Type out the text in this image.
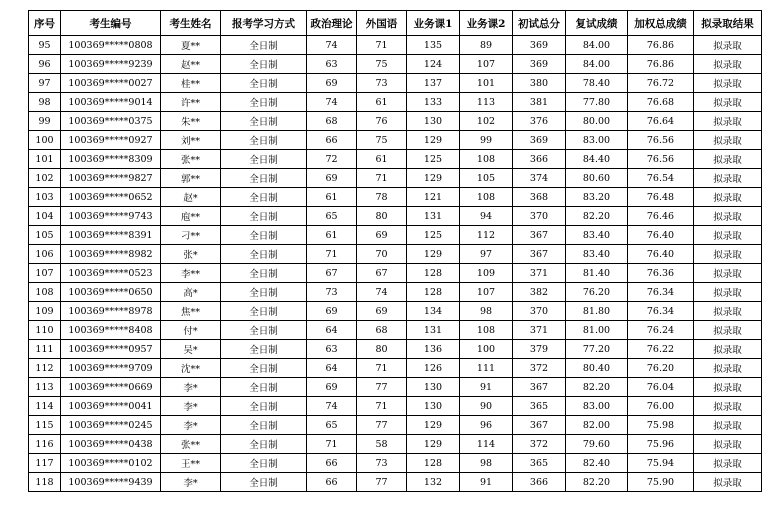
序号	考生编号	考生姓名	报考学习方式	政治理论	外国语	业务课1	业务课2	初试总分	复试成绩	加权总成绩	拟录取结果
95	100369*****0808	夏**	全日制	74	71	135	89	369	84.00	76.86	拟录取
96	100369*****9239	赵**	全日制	63	75	124	107	369	84.00	76.86	拟录取
97	100369*****0027	桂**	全日制	69	73	137	101	380	78.40	76.72	拟录取
98	100369*****9014	许**	全日制	74	61	133	113	381	77.80	76.68	拟录取
99	100369*****0375	朱**	全日制	68	76	130	102	376	80.00	76.64	拟录取
100	100369*****0927	刘**	全日制	66	75	129	99	369	83.00	76.56	拟录取
101	100369*****8309	张**	全日制	72	61	125	108	366	84.40	76.56	拟录取
102	100369*****9827	郭**	全日制	69	71	129	105	374	80.60	76.54	拟录取
103	100369*****0652	赵*	全日制	61	78	121	108	368	83.20	76.48	拟录取
104	100369*****9743	庖**	全日制	65	80	131	94	370	82.20	76.46	拟录取
105	100369*****8391	刁**	全日制	61	69	125	112	367	83.40	76.40	拟录取
106	100369*****8982	张*	全日制	71	70	129	97	367	83.40	76.40	拟录取
107	100369*****0523	李**	全日制	67	67	128	109	371	81.40	76.36	拟录取
108	100369*****0650	高*	全日制	73	74	128	107	382	76.20	76.34	拟录取
109	100369*****8978	焦**	全日制	69	69	134	98	370	81.80	76.34	拟录取
110	100369*****8408	付*	全日制	64	68	131	108	371	81.00	76.24	拟录取
111	100369*****0957	吴*	全日制	63	80	136	100	379	77.20	76.22	拟录取
112	100369*****9709	沈**	全日制	64	71	126	111	372	80.40	76.20	拟录取
113	100369*****0669	李*	全日制	69	77	130	91	367	82.20	76.04	拟录取
114	100369*****0041	李*	全日制	74	71	130	90	365	83.00	76.00	拟录取
115	100369*****0245	李*	全日制	65	77	129	96	367	82.00	75.98	拟录取
116	100369*****0438	张**	全日制	71	58	129	114	372	79.60	75.96	拟录取
117	100369*****0102	王**	全日制	66	73	128	98	365	82.40	75.94	拟录取
118	100369*****9439	李*	全日制	66	77	132	91	366	82.20	75.90	拟录取
